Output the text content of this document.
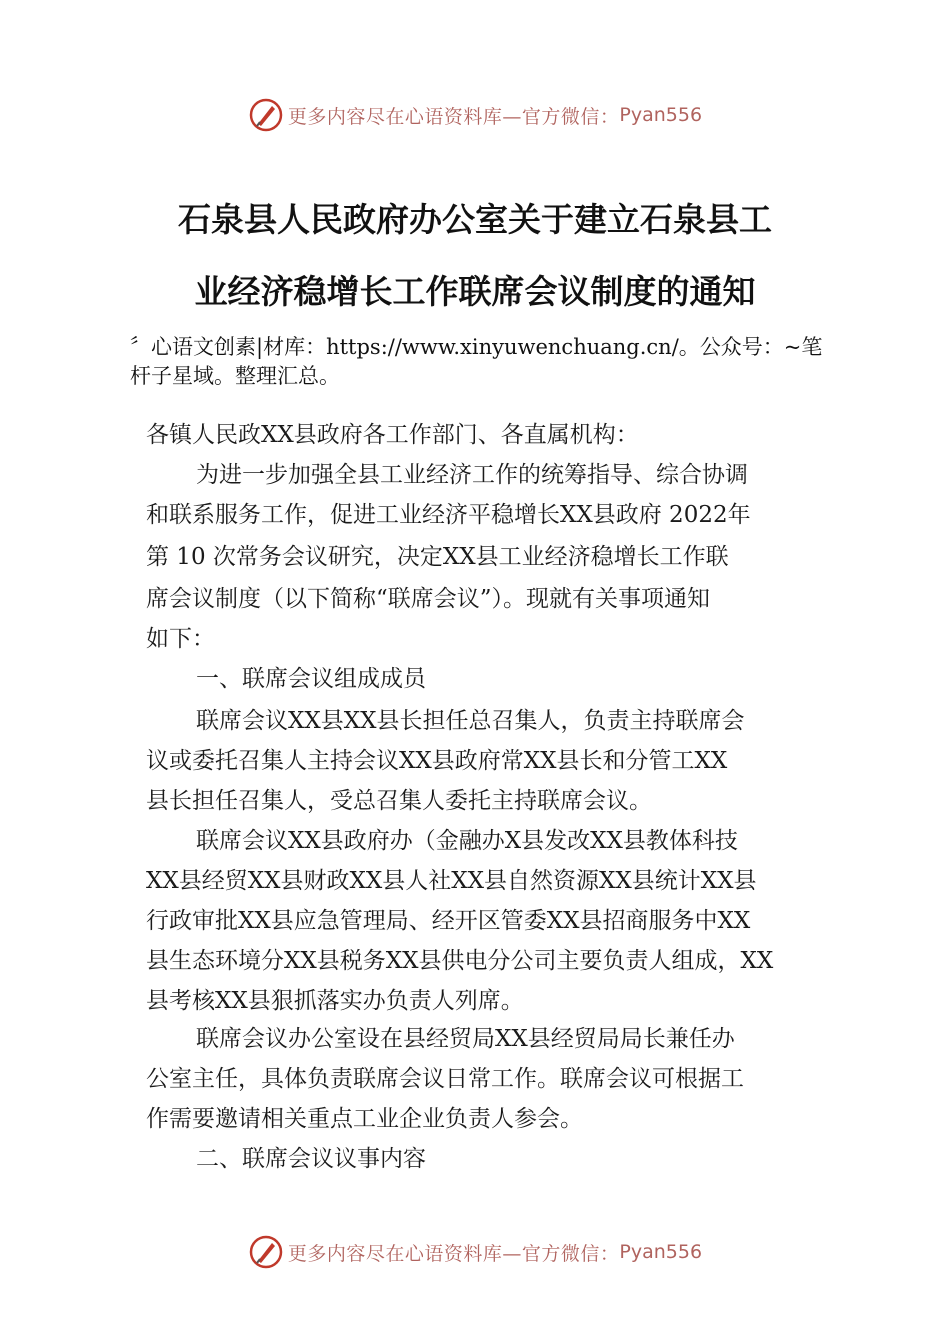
更多内容尽在心语资料库—官方微信： Pyan556
石泉县人民政府办公室关于建立石泉县工
业经济稳增长工作联席会议制度的通知
〞心语文创素|材库：https://www.xinyuwenchuang.cn/。公众号：~笔杆子星域。整理汇总。
各镇人民政XX县政府各工作部门、各直属机构：
为进一步加强全县工业经济工作的统筹指导、综合协调
和联系服务工作，促进工业经济平稳增长XX县政府 2022年
第 10 次常务会议研究，决定XX县工业经济稳增长工作联
席会议制度（以下简称“联席会议”）。现就有关事项通知
如下：
一、联席会议组成成员
联席会议XX县XX县长担任总召集人，负责主持联席会
议或委托召集人主持会议XX县政府常XX县长和分管工XX
县长担任召集人，受总召集人委托主持联席会议。
联席会议XX县政府办（金融办X县发改XX县教体科技
XX县经贸XX县财政XX县人社XX县自然资源XX县统计XX县
行政审批XX县应急管理局、经开区管委XX县招商服务中XX
县生态环境分XX县税务XX县供电分公司主要负责人组成，XX
县考核XX县狠抓落实办负责人列席。
联席会议办公室设在县经贸局XX县经贸局局长兼任办
公室主任，具体负责联席会议日常工作。联席会议可根据工
作需要邀请相关重点工业企业负责人参会。
二、联席会议议事内容
更多内容尽在心语资料库—官方微信： Pyan556
